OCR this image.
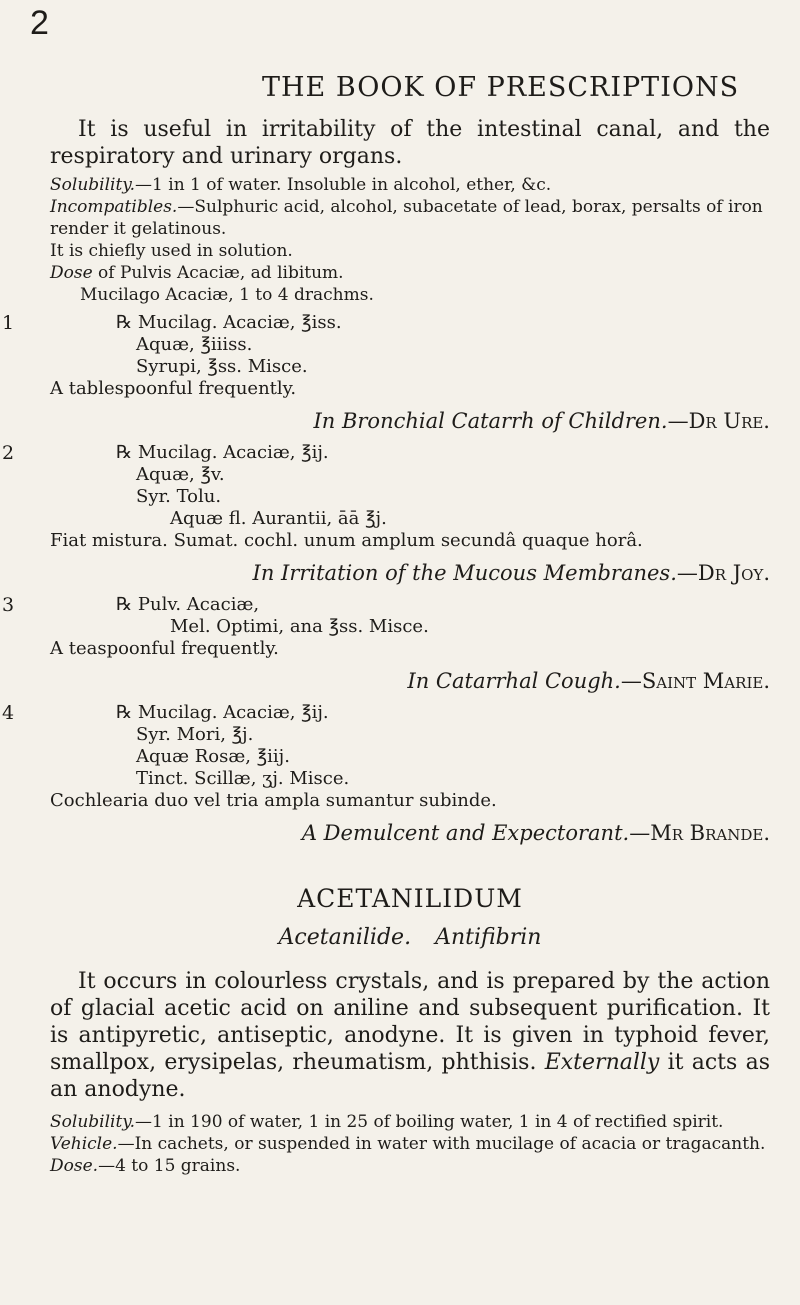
2
THE BOOK OF PRESCRIPTIONS

It is useful in irritability of the intestinal canal, and the respiratory and urinary organs.

Solubility.—1 in 1 of water. Insoluble in alcohol, ether, &c.

Incompatibles.—Sulphuric acid, alcohol, subacetate of lead, borax, persalts of iron render it gelatinous.

It is chiefly used in solution.

Dose of Pulvis Acaciæ, ad libitum.

Mucilago Acaciæ, 1 to 4 drachms.

1	℞ Mucilag. Acaciæ, ℥iss.

Aquæ, ℥iiiss.

Syrupi, ℥ss. Misce.

A tablespoonful frequently.

In Bronchial Catarrh of Children.—Dr Ure.

2	℞ Mucilag. Acaciæ, ℥ij.

Aquæ, ℥v.

Syr. Tolu.

Aquæ fl. Aurantii, āā ℥j.

Fiat mistura. Sumat. cochl. unum amplum secundâ quaque horâ.

In Irritation of the Mucous Membranes.—Dr Joy.

3	℞ Pulv. Acaciæ,

Mel. Optimi, ana ℥ss. Misce.

A teaspoonful frequently.

In Catarrhal Cough.—Saint Marie.

4	℞ Mucilag. Acaciæ, ℥ij.

Syr. Mori, ℥j.

Aquæ Rosæ, ℥iij.

Tinct. Scillæ, ʒj. Misce.

Cochlearia duo vel tria ampla sumantur subinde.

A Demulcent and Expectorant.—Mr Brande.

ACETANILIDUM
Acetanilide. Antifibrin

It occurs in colourless crystals, and is prepared by the action of glacial acetic acid on aniline and subsequent purification. It is antipyretic, antiseptic, anodyne. It is given in typhoid fever, smallpox, erysipelas, rheumatism, phthisis. Externally it acts as an anodyne.

Solubility.—1 in 190 of water, 1 in 25 of boiling water, 1 in 4 of rectified spirit.

Vehicle.—In cachets, or suspended in water with mucilage of acacia or tragacanth.

Dose.—4 to 15 grains.
